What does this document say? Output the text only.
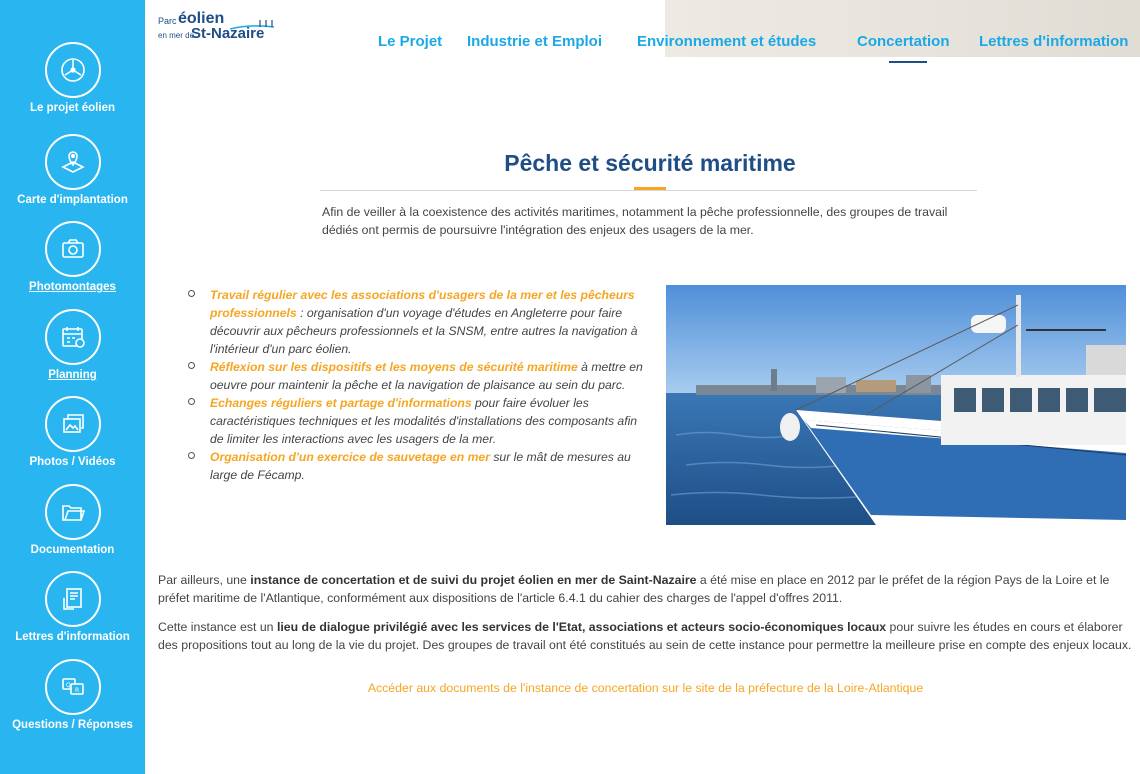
Le projet éolien
Carte d'implantation
Photomontages
Planning
Photos / Vidéos
Documentation
Lettres d'information
Q
R
Questions / Réponses
Parc éolien
en mer de
St-Nazaire	Le Projet Industrie et Emploi Environnement et études	Concertation Lettres d'information
Pêche et sécurité maritime
Afin de veiller à la coexistence des activités maritimes, notamment la pêche professionnelle, des groupes de travail dédiés ont permis de poursuivre l'intégration des enjeux des usagers de la mer.
Travail régulier avec les associations d'usagers de la mer et les pêcheurs professionnels : organisation d'un voyage d'études en Angleterre pour faire découvrir aux pêcheurs professionnels et la SNSM, entre autres la navigation à l'intérieur d'un parc éolien.
Réflexion sur les dispositifs et les moyens de sécurité maritime à mettre en oeuvre pour maintenir la pêche et la navigation de plaisance au sein du parc.
Echanges réguliers et partage d'informations pour faire évoluer les caractéristiques techniques et les modalités d'installations des composants afin de limiter les interactions avec les usagers de la mer.
Organisation d'un exercice de sauvetage en mer sur le mât de mesures au large de Fécamp.
Par ailleurs, une instance de concertation et de suivi du projet éolien en mer de Saint-Nazaire a été mise en place en 2012 par le préfet de la région Pays de la Loire et le préfet maritime de l'Atlantique, conformément aux dispositions de l'article 6.4.1 du cahier des charges de l'appel d'offres 2011.
Cette instance est un lieu de dialogue privilégié avec les services de l'Etat, associations et acteurs socio-économiques locaux pour suivre les études en cours et élaborer des propositions tout au long de la vie du projet. Des groupes de travail ont été constitués au sein de cette instance pour permettre la meilleure prise en compte des enjeux locaux.
Accéder aux documents de l'instance de concertation sur le site de la préfecture de la Loire-Atlantique
